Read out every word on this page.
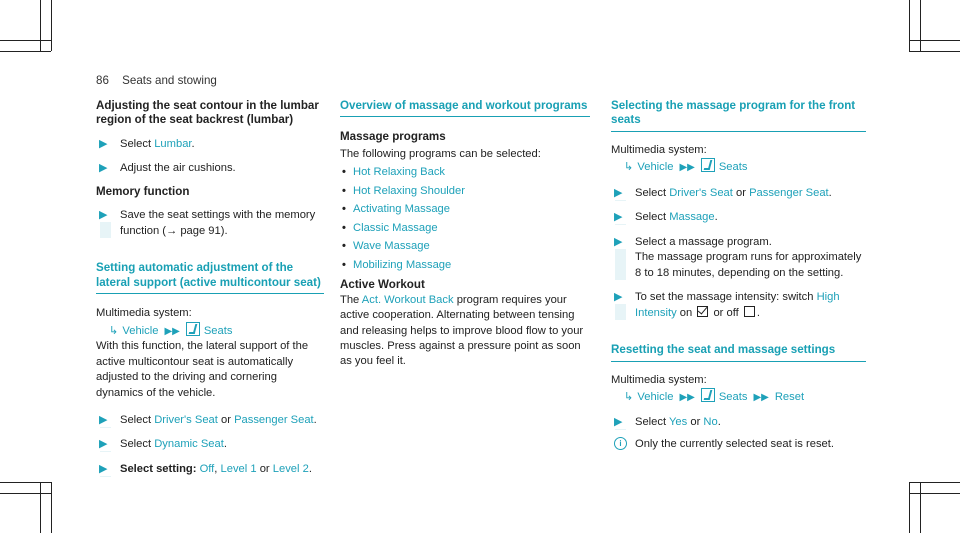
86 Seats and stowing
Adjusting the seat contour in the lumbar region of the seat backrest (lumbar)
▶ Select Lumbar.
▶ Adjust the air cushions.
Memory function
▶ Save the seat settings with the memory function (→ page 91).
Setting automatic adjustment of the lateral support (active multicontour seat)

Multimedia system:

↳ Vehicle ▶▶ Seats

With this function, the lateral support of the active multicontour seat is automatically adjusted to the driving and cornering dynamics of the vehicle.

▶ Select Driver's Seat or Passenger Seat.
▶ Select Dynamic Seat.
▶ Select setting: Off, Level 1 or Level 2.
Overview of massage and workout programs
Massage programs

The following programs can be selected:

• Hot Relaxing Back
• Hot Relaxing Shoulder
• Activating Massage
• Classic Massage
• Wave Massage
• Mobilizing Massage
Active Workout

The Act. Workout Back program requires your active cooperation. Alternating between tensing and releasing helps to improve blood flow to your muscles. Press against a pressure point as soon as you feel it.

Selecting the massage program for the front seats

Multimedia system:

↳ Vehicle ▶▶ Seats
▶ Select Driver's Seat or Passenger Seat.
▶ Select Massage.
▶ Select a massage program.
The massage program runs for approximately 8 to 18 minutes, depending on the setting.
▶ To set the massage intensity: switch High Intensity on  or off .
Resetting the seat and massage settings

Multimedia system:

↳ Vehicle ▶▶ Seats ▶▶ Reset
▶ Select Yes or No.
i	Only the currently selected seat is reset.
